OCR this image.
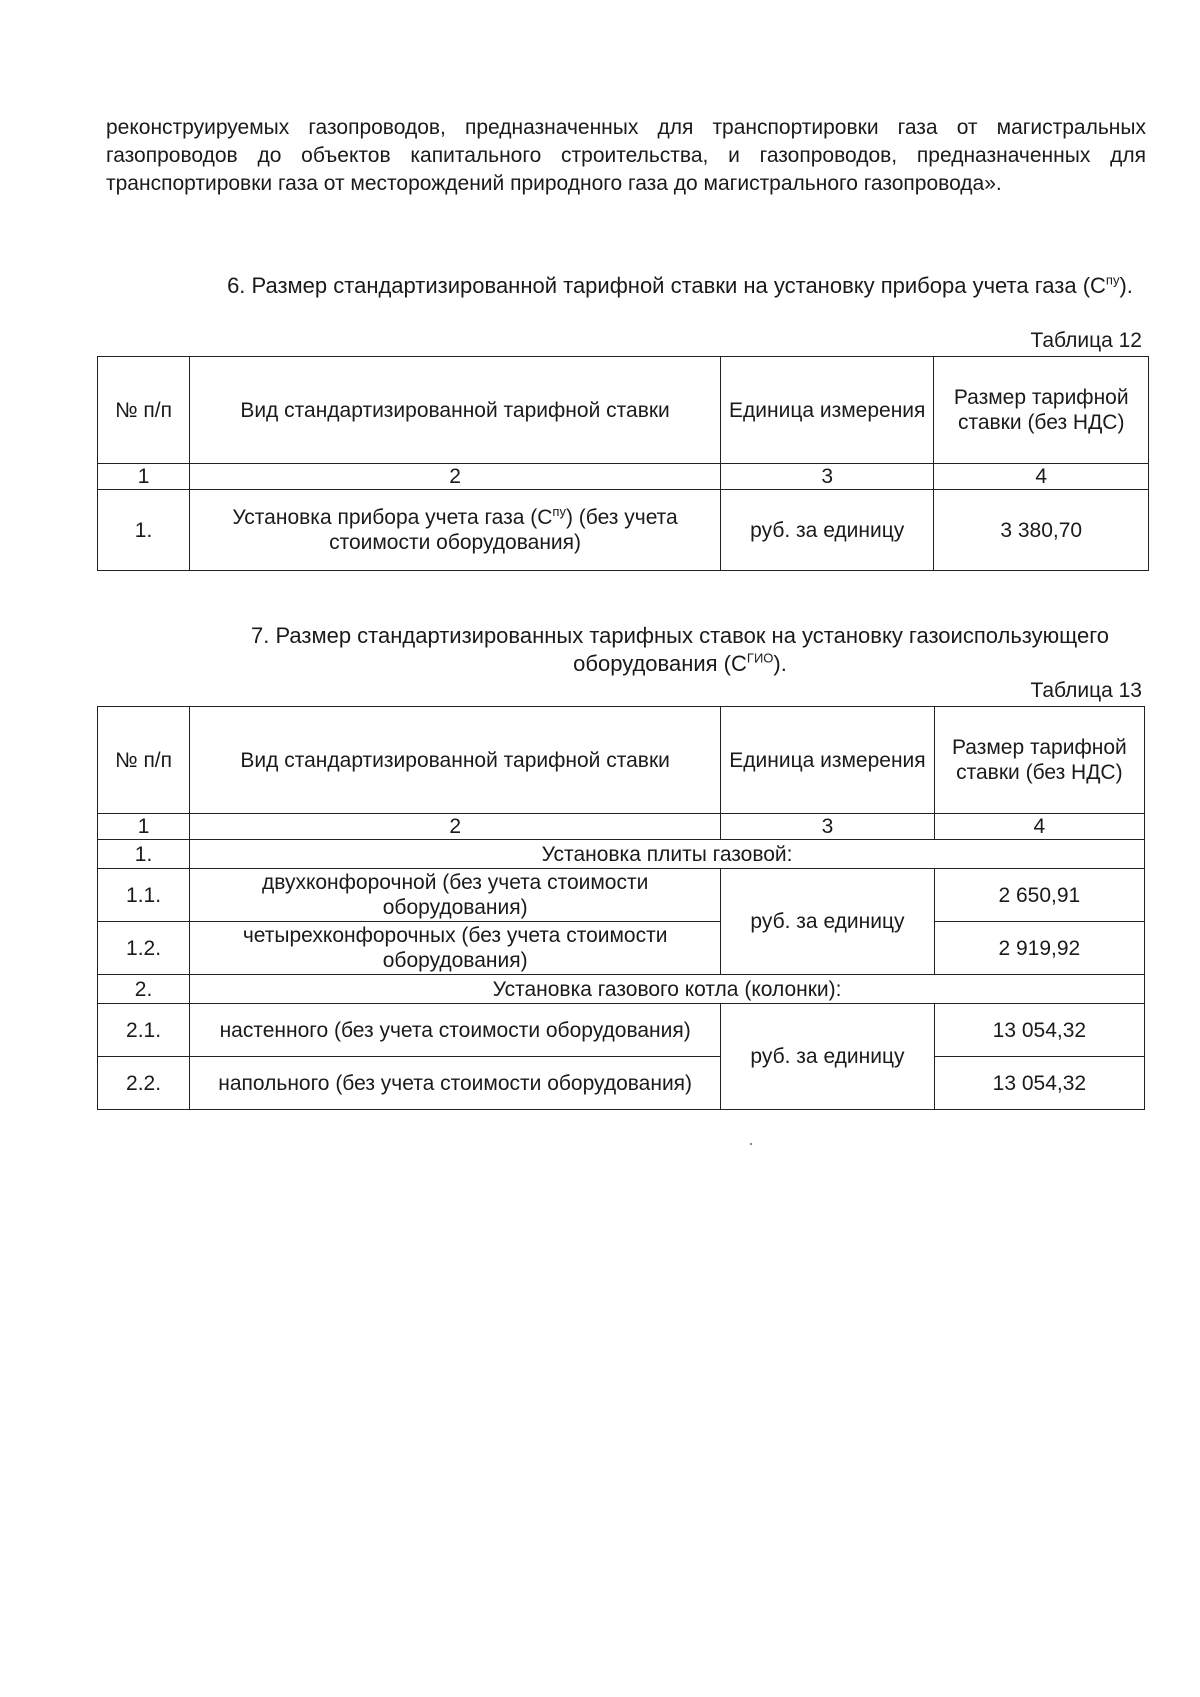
реконструируемых газопроводов, предназначенных для транспортировки газа от магистральных газопроводов до объектов капитального строительства, и газопроводов, предназначенных для транспортировки газа от месторождений природного газа до магистрального газопровода».
6. Размер стандартизированной тарифной ставки на установку прибора учета газа $(С^{пу})$.
Таблица 12
№ п/п	Вид стандартизированной тарифной ставки	Единица измерения	Размер тарифной ставки (без НДС)
1	2	3	4
1.	Установка прибора учета газа $(С^{пу})$ (без учета стоимости оборудования)	руб. за единицу	3 380,70
7. Размер стандартизированных тарифных ставок на установку газоиспользующего оборудования $(С^{ГИО})$.
Таблица 13
№ п/п	Вид стандартизированной тарифной ставки	Единица измерения	Размер тарифной ставки (без НДС)
1	2	3	4
1.	Установка плиты газовой:		
1.1.	двухконфорочной (без учета стоимости оборудования)	руб. за единицу	2 650,91
1.2.	четырехконфорочных (без учета стоимости оборудования)		2 919,92
2.	Установка газового котла (колонки):		
2.1.	настенного (без учета стоимости оборудования)	руб. за единицу	13 054,32
2.2.	напольного (без учета стоимости оборудования)		13 054,32
